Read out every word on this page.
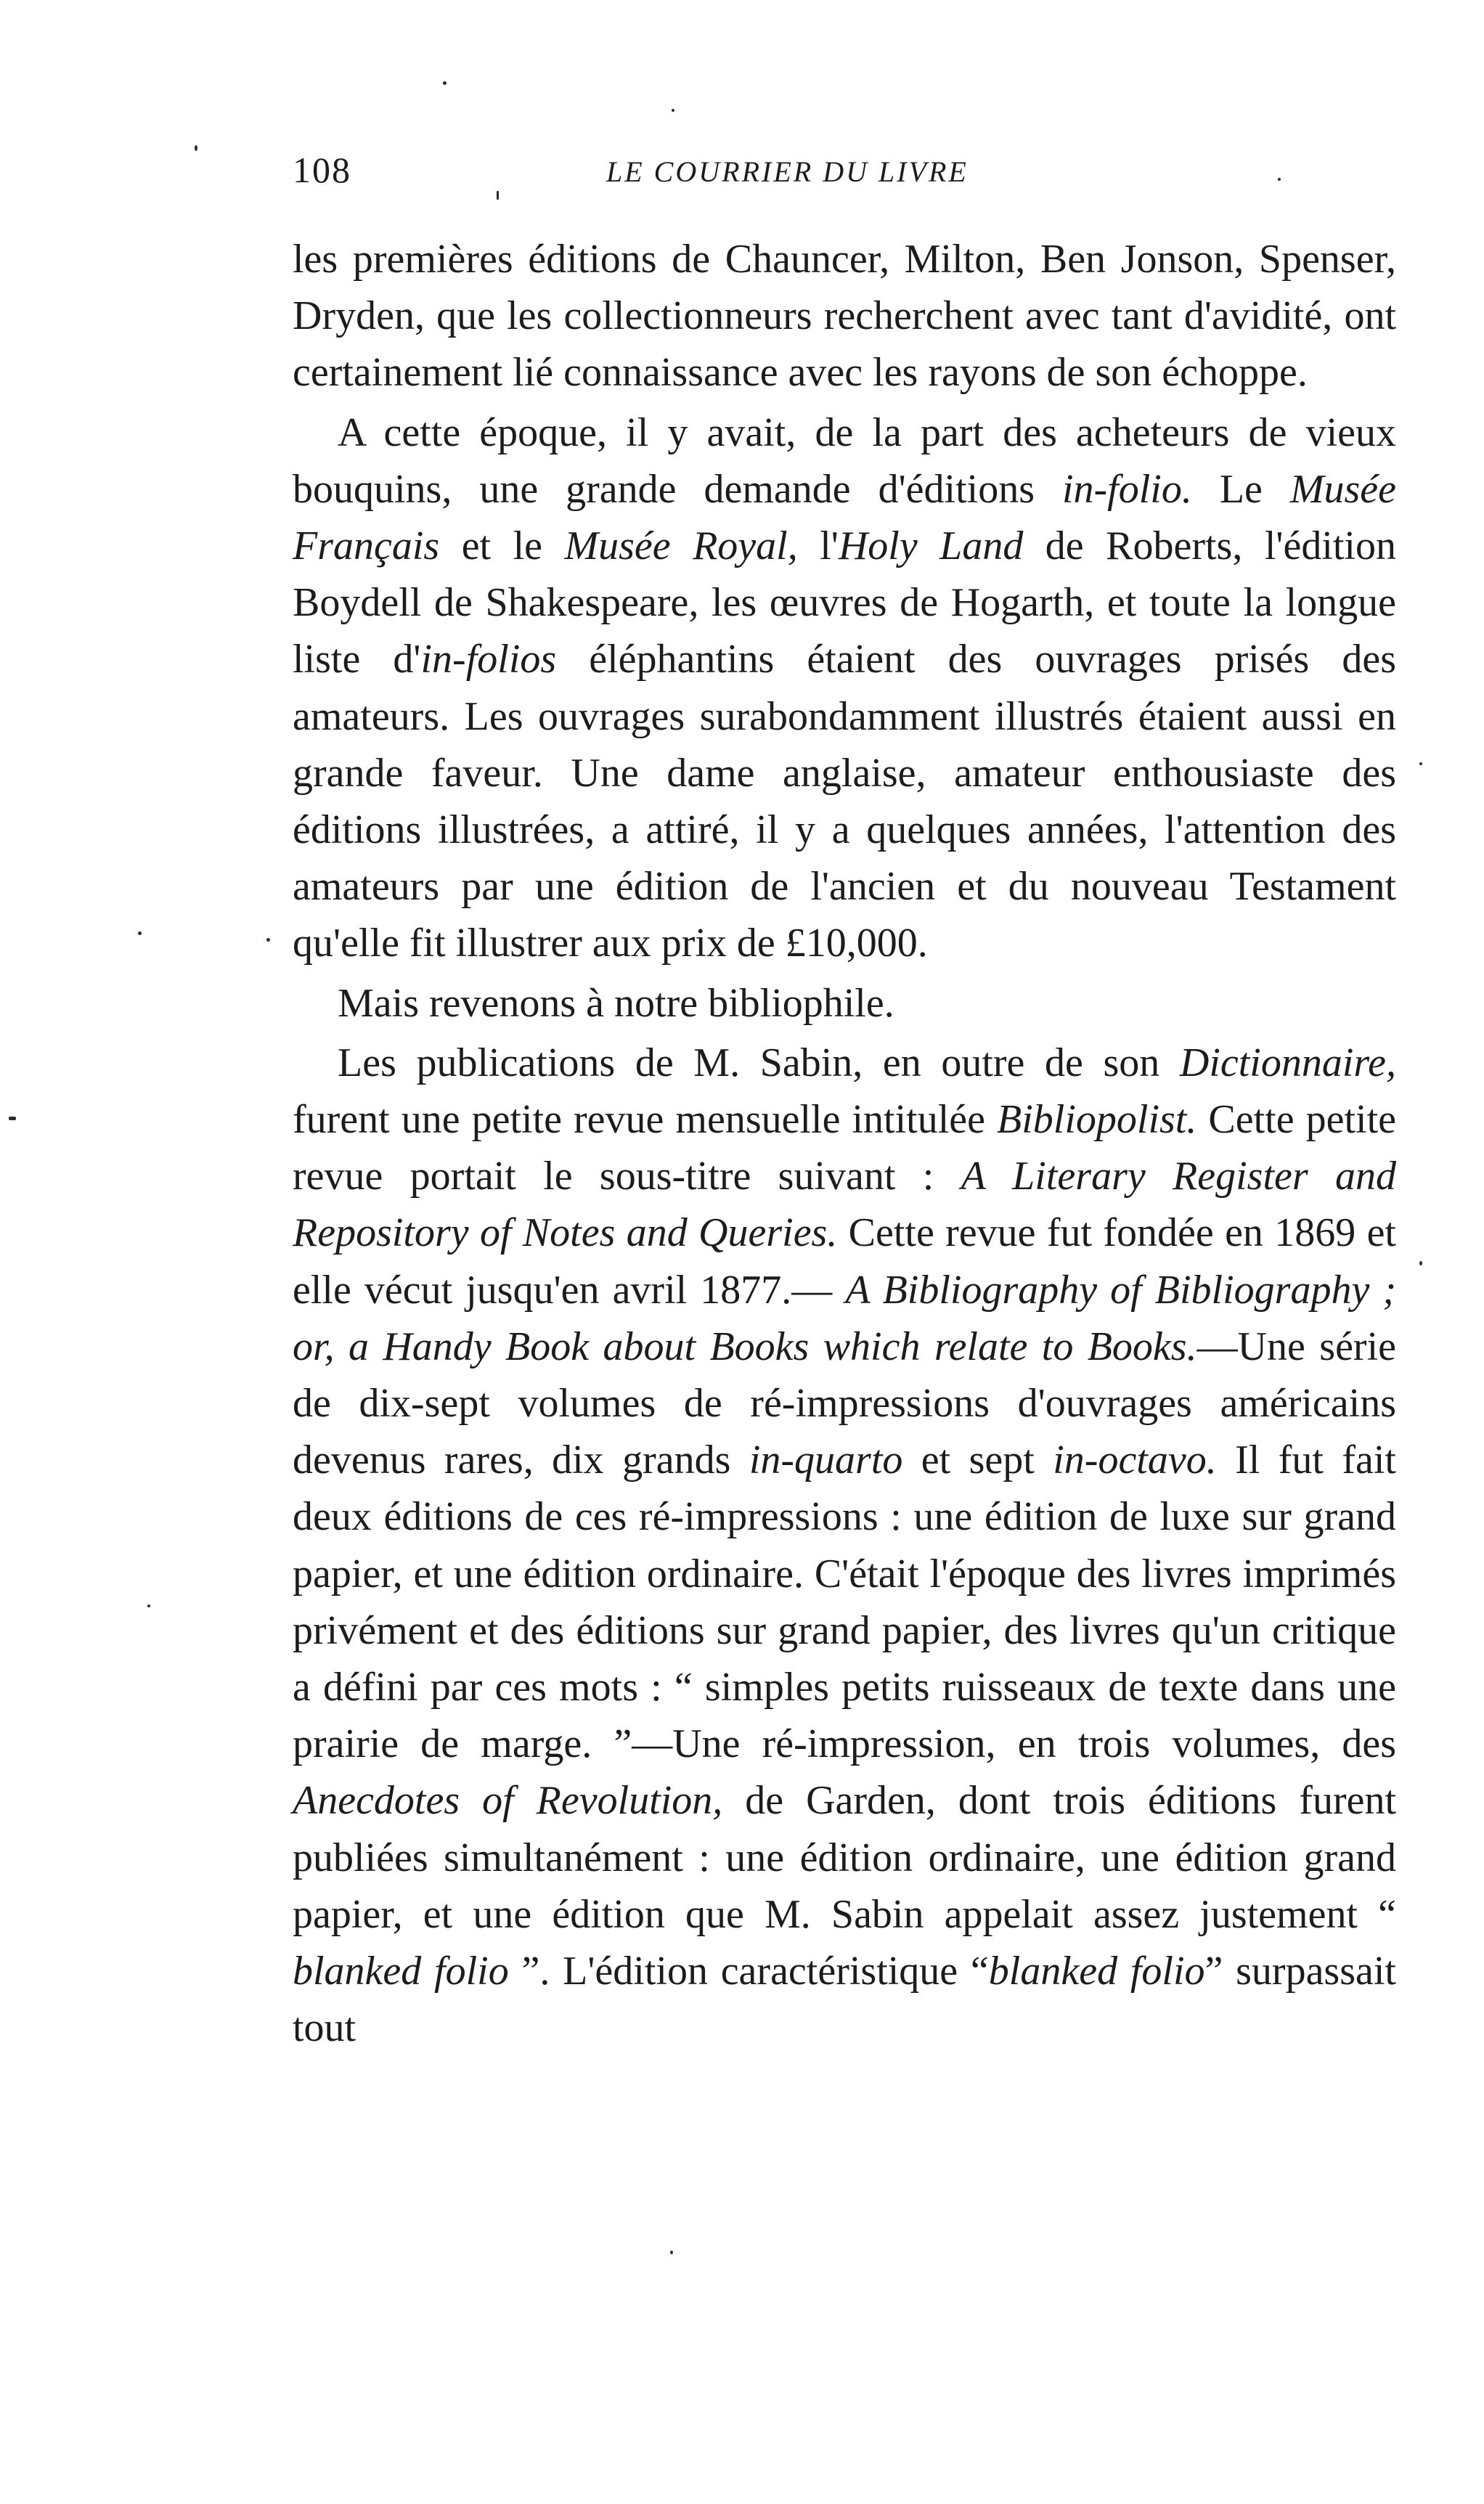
108	LE COURRIER DU LIVRE

les premières éditions de Chauncer, Milton, Ben Jonson, Spenser, Dryden, que les collectionneurs recherchent avec tant d'avidité, ont certainement lié connaissance avec les rayons de son échoppe.

A cette époque, il y avait, de la part des acheteurs de vieux bouquins, une grande demande d'éditions in-folio. Le Musée Français et le Musée Royal, l'Holy Land de Roberts, l'édition Boydell de Shakespeare, les œuvres de Hogarth, et toute la longue liste d'in-folios éléphantins étaient des ouvrages prisés des amateurs. Les ouvrages surabondamment illustrés étaient aussi en grande faveur. Une dame anglaise, amateur enthousiaste des éditions illustrées, a attiré, il y a quelques années, l'attention des amateurs par une édition de l'ancien et du nouveau Testament qu'elle fit illustrer aux prix de £10,000.

Mais revenons à notre bibliophile.

Les publications de M. Sabin, en outre de son Dictionnaire, furent une petite revue mensuelle intitulée Bibliopolist. Cette petite revue portait le sous-titre suivant : A Literary Register and Repository of Notes and Queries. Cette revue fut fondée en 1869 et elle vécut jusqu'en avril 1877.— A Bibliography of Bibliography ; or, a Handy Book about Books which relate to Books.—Une série de dix-sept volumes de ré-impressions d'ouvrages américains devenus rares, dix grands in-quarto et sept in-octavo. Il fut fait deux éditions de ces ré-impressions : une édition de luxe sur grand papier, et une édition ordinaire. C'était l'époque des livres imprimés privément et des éditions sur grand papier, des livres qu'un critique a défini par ces mots : “ simples petits ruisseaux de texte dans une prairie de marge. ”—Une ré-impression, en trois volumes, des Anecdotes of Revolution, de Garden, dont trois éditions furent publiées simultanément : une édition ordinaire, une édition grand papier, et une édition que M. Sabin appelait assez justement “ blanked folio ”. L'édition caractéristique “blanked folio” surpassait tout
